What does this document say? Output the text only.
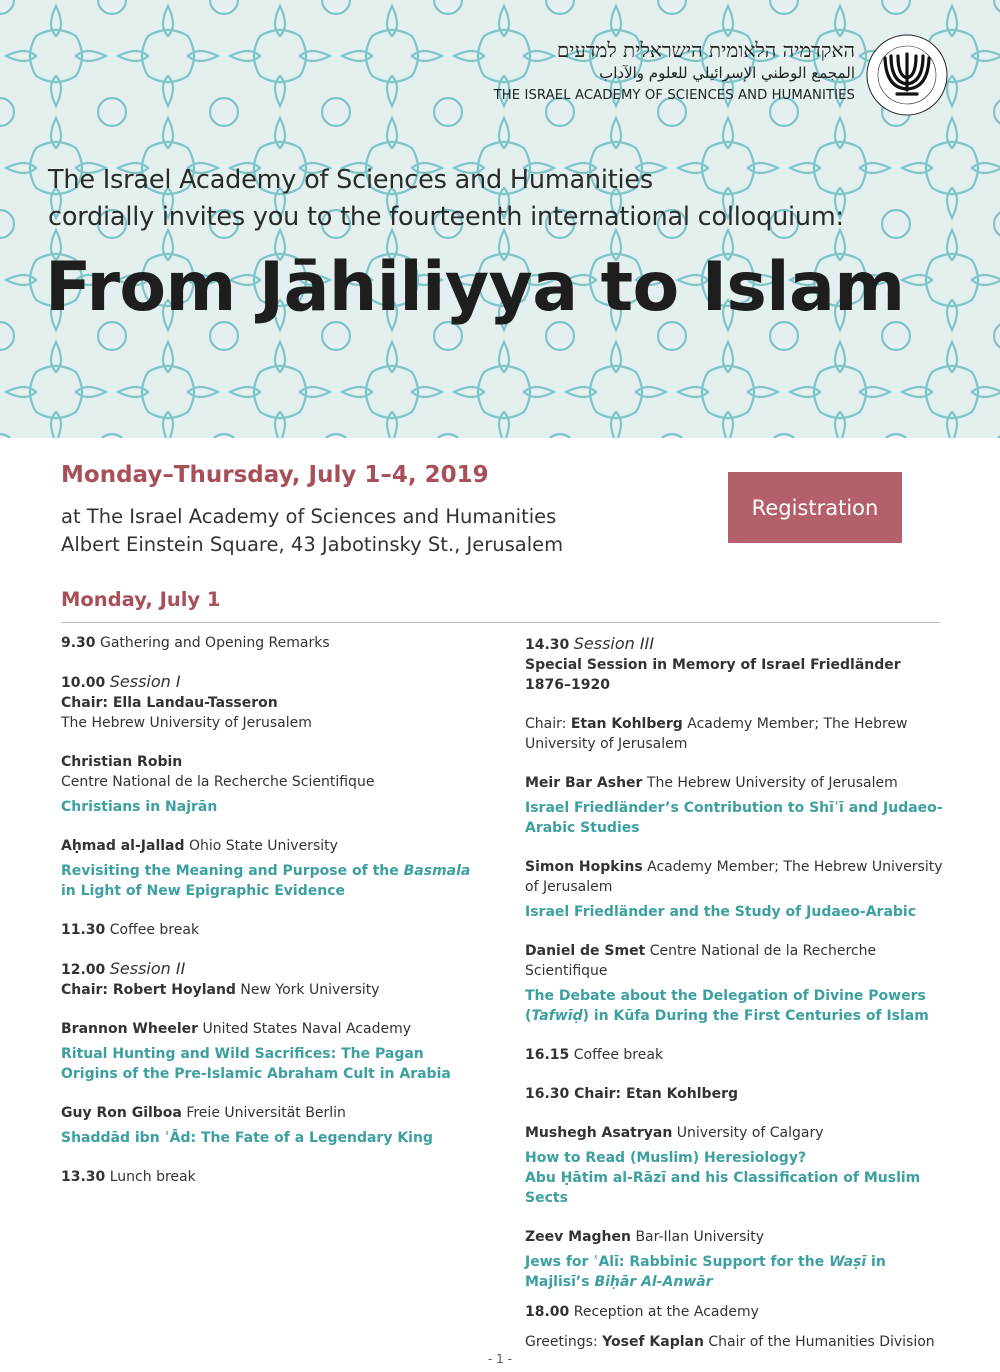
האקדמיה הלאומית הישראלית למדעים
المجمع الوطني الإسرائيلي للعلوم والآداب
THE ISRAEL ACADEMY OF SCIENCES AND HUMANITIES
The Israel Academy of Sciences and Humanities
cordially invites you to the fourteenth international colloquium:
From Jāhiliyya to Islam
Monday–Thursday, July 1–4, 2019
at The Israel Academy of Sciences and Humanities
Albert Einstein Square, 43 Jabotinsky St., Jerusalem
Registration
Monday, July 1
9.30 Gathering and Opening Remarks
10.00 Session I
Chair: Ella Landau-Tasseron
The Hebrew University of Jerusalem
Christian Robin
Centre National de la Recherche Scientifique
Christians in Najrān
Aḥmad al-Jallad Ohio State University
Revisiting the Meaning and Purpose of the Basmala in Light of New Epigraphic Evidence
11.30 Coffee break
12.00 Session II
Chair: Robert Hoyland New York University
Brannon Wheeler United States Naval Academy
Ritual Hunting and Wild Sacrifices: The Pagan Origins of the Pre-Islamic Abraham Cult in Arabia
Guy Ron Gilboa Freie Universität Berlin
Shaddād ibn ʿĀd: The Fate of a Legendary King
13.30 Lunch break
14.30 Session III
Special Session in Memory of Israel Friedländer
1876–1920
Chair: Etan Kohlberg Academy Member; The Hebrew University of Jerusalem
Meir Bar Asher The Hebrew University of Jerusalem
Israel Friedländer’s Contribution to Shīʿī and Judaeo-Arabic Studies
Simon Hopkins Academy Member; The Hebrew University of Jerusalem
Israel Friedländer and the Study of Judaeo-Arabic
Daniel de Smet Centre National de la Recherche Scientifique
The Debate about the Delegation of Divine Powers (Tafwīḍ) in Kūfa During the First Centuries of Islam
16.15 Coffee break
16.30 Chair: Etan Kohlberg
Mushegh Asatryan University of Calgary
How to Read (Muslim) Heresiology?
Abu Ḥātim al-Rāzī and his Classification of Muslim Sects
Zeev Maghen Bar-Ilan University
Jews for ʿAlī: Rabbinic Support for the Waṣī in Majlisī’s Biḥār Al-Anwār
18.00 Reception at the Academy
Greetings: Yosef Kaplan Chair of the Humanities Division
- 1 -
